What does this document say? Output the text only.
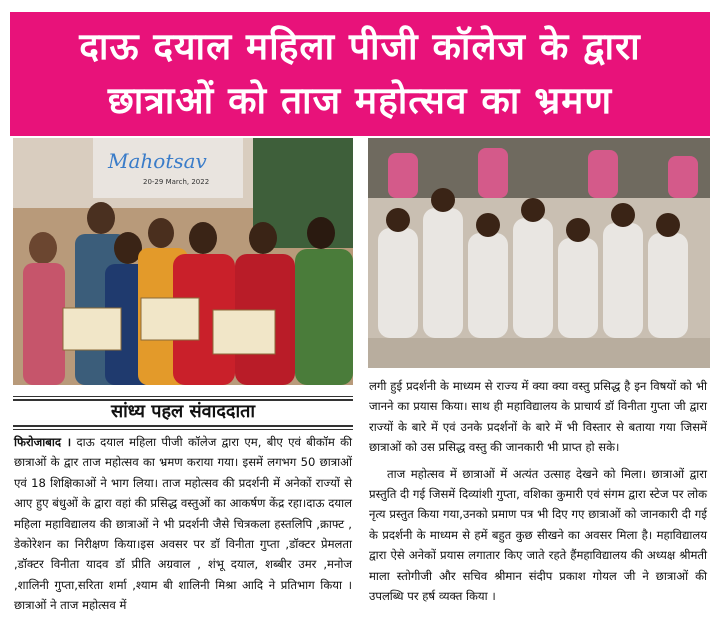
दाऊ दयाल महिला पीजी कॉलेज के द्वारा
छात्राओं को ताज महोत्सव का भ्रमण
Mahotsav
20-29 March, 2022
सांध्य पहल संवाददाता

फिरोजाबाद । दाऊ दयाल महिला पीजी कॉलेज द्वारा एम, बीए एवं बीकॉम की छात्राओं के द्वार ताज महोत्सव का भ्रमण कराया गया। इसमें लगभग 50 छात्राओं एवं 18 शिक्षिकाओं ने भाग लिया। ताज महोत्सव की प्रदर्शनी में अनेकों राज्यों से आए हुए बंधुओं के द्वारा वहां की प्रसिद्ध वस्तुओं का आकर्षण केंद्र रहा।दाऊ दयाल महिला महाविद्यालय की छात्राओं ने भी प्रदर्शनी जैसे चित्रकला हस्तलिपि ,क्राफ्ट , डेकोरेशन का निरीक्षण किया।इस अवसर पर डॉ विनीता गुप्ता ,डॉक्टर प्रेमलता ,डॉक्टर विनीता यादव डॉ प्रीति अग्रवाल , शंभू दयाल, शब्बीर उमर ,मनोज ,शालिनी गुप्ता,सरिता शर्मा ,श्याम बी शालिनी मिश्रा आदि ने प्रतिभाग किया । छात्राओं ने ताज महोत्सव में

लगी हुई प्रदर्शनी के माध्यम से राज्य में क्या क्या वस्तु प्रसिद्ध है इन विषयों को भी जानने का प्रयास किया। साथ ही महाविद्यालय के प्राचार्य डॉ विनीता गुप्ता जी द्वारा राज्यों के बारे में एवं उनके प्रदर्शनों के बारे में भी विस्तार से बताया गया जिसमें छात्राओं को उस प्रसिद्ध वस्तु की जानकारी भी प्राप्त हो सके।

ताज महोत्सव में छात्राओं में अत्यंत उत्साह देखने को मिला। छात्राओं द्वारा प्रस्तुति दी गई जिसमें दिव्यांशी गुप्ता, वशिका कुमारी एवं संगम द्वारा स्टेज पर लोक नृत्य प्रस्तुत किया गया,उनको प्रमाण पत्र भी दिए गए छात्राओं को जानकारी दी गई के प्रदर्शनी के माध्यम से हमें बहुत कुछ सीखने का अवसर मिला है। महाविद्यालय द्वारा ऐसे अनेकों प्रयास लगातार किए जाते रहते हैंमहाविद्यालय की अध्यक्ष श्रीमती माला स्तोगीजी और सचिव श्रीमान संदीप प्रकाश गोयल जी ने छात्राओं की उपलब्धि पर हर्ष व्यक्त किया ।
